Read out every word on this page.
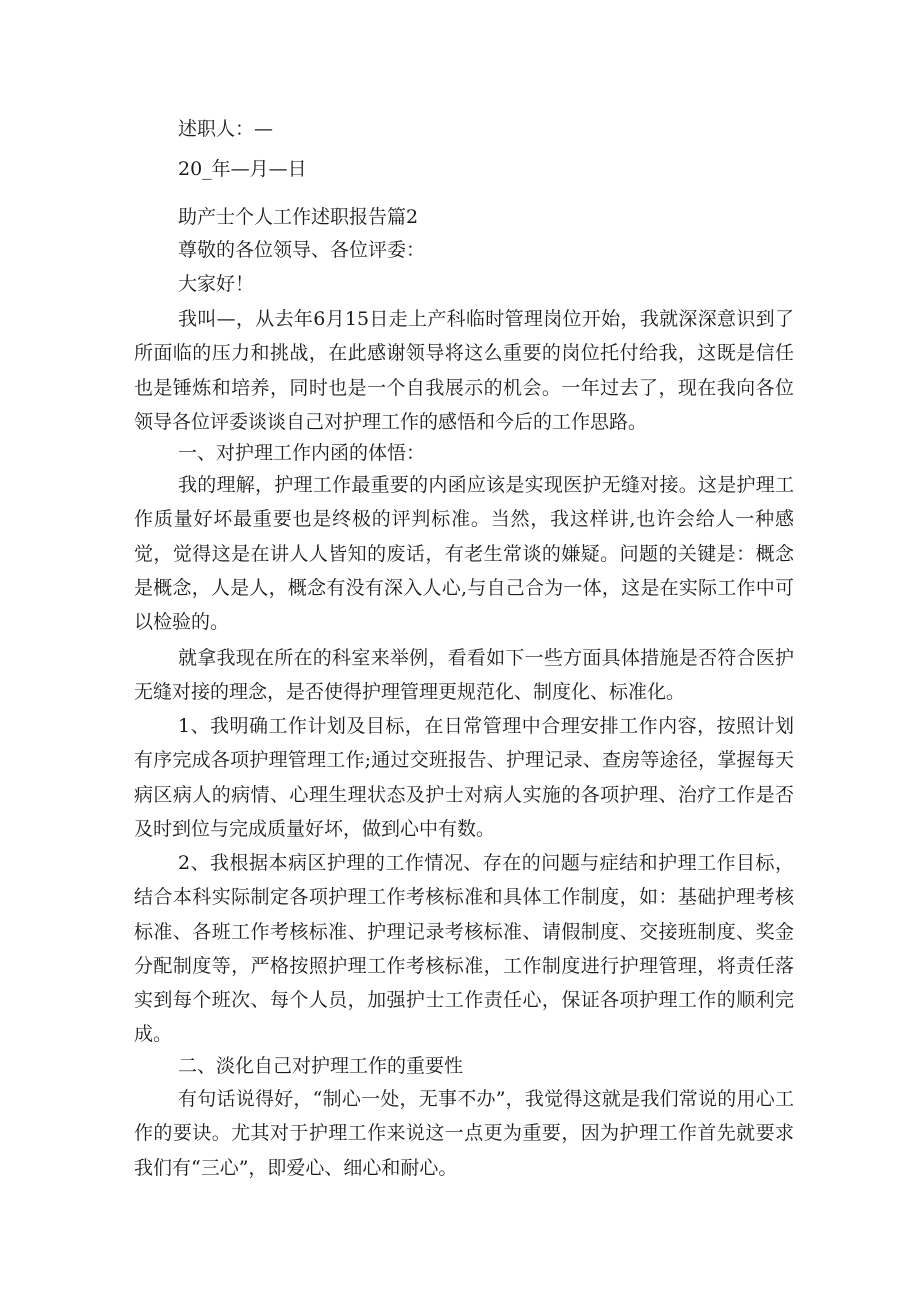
述职人：—

20_年—月—日

助产士个人工作述职报告篇2

尊敬的各位领导、各位评委：

大家好！

我叫—，从去年6月15日走上产科临时管理岗位开始，我就深深意识到了所面临的压力和挑战，在此感谢领导将这么重要的岗位托付给我，这既是信任也是锤炼和培养，同时也是一个自我展示的机会。一年过去了，现在我向各位领导各位评委谈谈自己对护理工作的感悟和今后的工作思路。

一、对护理工作内函的体悟：

我的理解，护理工作最重要的内函应该是实现医护无缝对接。这是护理工作质量好坏最重要也是终极的评判标准。当然，我这样讲,也许会给人一种感觉，觉得这是在讲人人皆知的废话，有老生常谈的嫌疑。问题的关键是：概念是概念，人是人，概念有没有深入人心,与自己合为一体，这是在实际工作中可以检验的。

就拿我现在所在的科室来举例，看看如下一些方面具体措施是否符合医护无缝对接的理念，是否使得护理管理更规范化、制度化、标准化。

1、我明确工作计划及目标，在日常管理中合理安排工作内容，按照计划有序完成各项护理管理工作;通过交班报告、护理记录、查房等途径，掌握每天病区病人的病情、心理生理状态及护士对病人实施的各项护理、治疗工作是否及时到位与完成质量好坏，做到心中有数。

2、我根据本病区护理的工作情况、存在的问题与症结和护理工作目标，结合本科实际制定各项护理工作考核标准和具体工作制度，如：基础护理考核标准、各班工作考核标准、护理记录考核标准、请假制度、交接班制度、奖金分配制度等，严格按照护理工作考核标准，工作制度进行护理管理，将责任落实到每个班次、每个人员，加强护士工作责任心，保证各项护理工作的顺利完成。

二、淡化自己对护理工作的重要性

有句话说得好，“制心一处，无事不办”，我觉得这就是我们常说的用心工作的要诀。尤其对于护理工作来说这一点更为重要，因为护理工作首先就要求我们有“三心”，即爱心、细心和耐心。
